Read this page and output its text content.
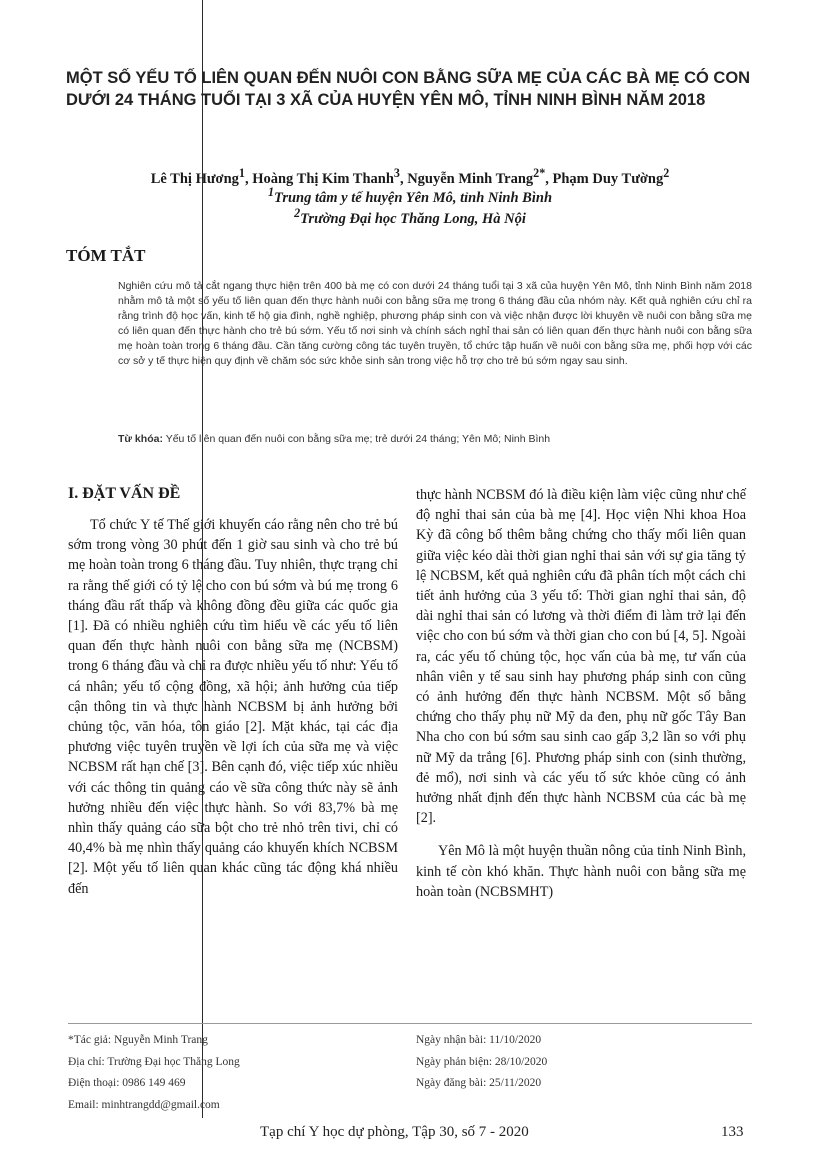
MỘT SỐ YẾU TỐ LIÊN QUAN ĐẾN NUÔI CON BẰNG SỮA MẸ CỦA CÁC BÀ MẸ CÓ CON DƯỚI 24 THÁNG TUỔI TẠI 3 XÃ CỦA HUYỆN YÊN MÔ, TỈNH NINH BÌNH NĂM 2018
Lê Thị Hương$^1$, Hoàng Thị Kim Thanh$^3$, Nguyễn Minh Trang$^{2*}$, Phạm Duy Tường$^2$
$^1$Trung tâm y tế huyện Yên Mô, tỉnh Ninh Bình
$^2$Trường Đại học Thăng Long, Hà Nội
TÓM TẮT

Nghiên cứu mô tả cắt ngang thực hiện trên 400 bà mẹ có con dưới 24 tháng tuổi tại 3 xã của huyện Yên Mô, tỉnh Ninh Bình năm 2018 nhằm mô tả một số yếu tố liên quan đến thực hành nuôi con bằng sữa mẹ trong 6 tháng đầu của nhóm này. Kết quả nghiên cứu chỉ ra rằng trình độ học vấn, kinh tế hộ gia đình, nghề nghiệp, phương pháp sinh con và việc nhận được lời khuyên về nuôi con bằng sữa mẹ có liên quan đến thực hành cho trẻ bú sớm. Yếu tố nơi sinh và chính sách nghỉ thai sản có liên quan đến thực hành nuôi con bằng sữa mẹ hoàn toàn trong 6 tháng đầu. Cần tăng cường công tác tuyên truyền, tổ chức tập huấn về nuôi con bằng sữa mẹ, phối hợp với các cơ sở y tế thực hiện quy định về chăm sóc sức khỏe sinh sản trong việc hỗ trợ cho trẻ bú sớm ngay sau sinh.

Từ khóa: Yếu tố liên quan đến nuôi con bằng sữa mẹ; trẻ dưới 24 tháng; Yên Mô; Ninh Bình

I. ĐẶT VẤN ĐỀ

Tổ chức Y tế Thế giới khuyến cáo rằng nên cho trẻ bú sớm trong vòng 30 phút đến 1 giờ sau sinh và cho trẻ bú mẹ hoàn toàn trong 6 tháng đầu. Tuy nhiên, thực trạng chỉ ra rằng thế giới có tỷ lệ cho con bú sớm và bú mẹ trong 6 tháng đầu rất thấp và không đồng đều giữa các quốc gia [1]. Đã có nhiều nghiên cứu tìm hiểu về các yếu tố liên quan đến thực hành nuôi con bằng sữa mẹ (NCBSM) trong 6 tháng đầu và chỉ ra được nhiều yếu tố như: Yếu tố cá nhân; yếu tố cộng đồng, xã hội; ảnh hưởng của tiếp cận thông tin và thực hành NCBSM bị ảnh hưởng bởi chủng tộc, văn hóa, tôn giáo [2]. Mặt khác, tại các địa phương việc tuyên truyền về lợi ích của sữa mẹ và việc NCBSM rất hạn chế [3]. Bên cạnh đó, việc tiếp xúc nhiều với các thông tin quảng cáo về sữa công thức này sẽ ảnh hưởng nhiều đến việc thực hành. So với 83,7% bà mẹ nhìn thấy quảng cáo sữa bột cho trẻ nhỏ trên tivi, chỉ có 40,4% bà mẹ nhìn thấy quảng cáo khuyến khích NCBSM [2]. Một yếu tố liên quan khác cũng tác động khá nhiều đến

thực hành NCBSM đó là điều kiện làm việc cũng như chế độ nghỉ thai sản của bà mẹ [4]. Học viện Nhi khoa Hoa Kỳ đã công bố thêm bằng chứng cho thấy mối liên quan giữa việc kéo dài thời gian nghỉ thai sản với sự gia tăng tỷ lệ NCBSM, kết quả nghiên cứu đã phân tích một cách chi tiết ảnh hưởng của 3 yếu tố: Thời gian nghỉ thai sản, độ dài nghỉ thai sản có lương và thời điểm đi làm trở lại đến việc cho con bú sớm và thời gian cho con bú [4, 5]. Ngoài ra, các yếu tố chủng tộc, học vấn của bà mẹ, tư vấn của nhân viên y tế sau sinh hay phương pháp sinh con cũng có ảnh hưởng đến thực hành NCBSM. Một số bằng chứng cho thấy phụ nữ Mỹ da đen, phụ nữ gốc Tây Ban Nha cho con bú sớm sau sinh cao gấp 3,2 lần so với phụ nữ Mỹ da trắng [6]. Phương pháp sinh con (sinh thường, đẻ mổ), nơi sinh và các yếu tố sức khỏe cũng có ảnh hưởng nhất định đến thực hành NCBSM của các bà mẹ [2].

Yên Mô là một huyện thuần nông của tỉnh Ninh Bình, kinh tế còn khó khăn. Thực hành nuôi con bằng sữa mẹ hoàn toàn (NCBSMHT)

*Tác giả: Nguyễn Minh Trang
Địa chỉ: Trường Đại học Thăng Long
Điện thoại: 0986 149 469
Email: minhtrangdd@gmail.com
Ngày nhận bài: 11/10/2020
Ngày phản biện: 28/10/2020
Ngày đăng bài: 25/11/2020
Tạp chí Y học dự phòng, Tập 30, số 7 - 2020	133
